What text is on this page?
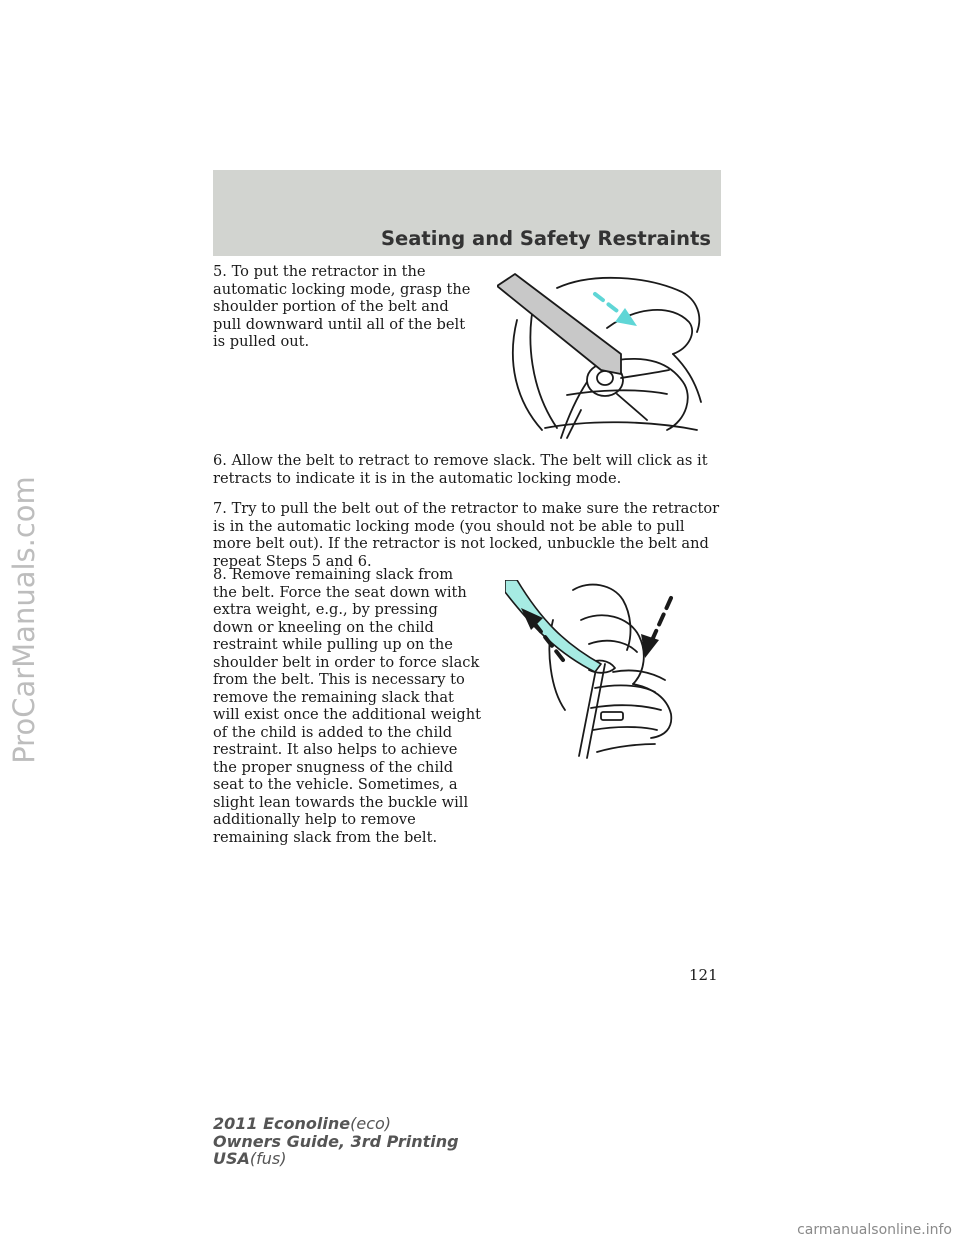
ProCarManuals.com
Seating and Safety Restraints

5. To put the retractor in the automatic locking mode, grasp the shoulder portion of the belt and pull downward until all of the belt is pulled out.

6. Allow the belt to retract to remove slack. The belt will click as it retracts to indicate it is in the automatic locking mode.

7. Try to pull the belt out of the retractor to make sure the retractor is in the automatic locking mode (you should not be able to pull more belt out). If the retractor is not locked, unbuckle the belt and repeat Steps 5 and 6.

8. Remove remaining slack from the belt. Force the seat down with extra weight, e.g., by pressing down or kneeling on the child restraint while pulling up on the shoulder belt in order to force slack from the belt. This is necessary to remove the remaining slack that will exist once the additional weight of the child is added to the child restraint. It also helps to achieve the proper snugness of the child seat to the vehicle. Sometimes, a slight lean towards the buckle will additionally help to remove remaining slack from the belt.

121
2011 Econoline(eco)
Owners Guide, 3rd Printing
USA(fus)
carmanualsonline.info
